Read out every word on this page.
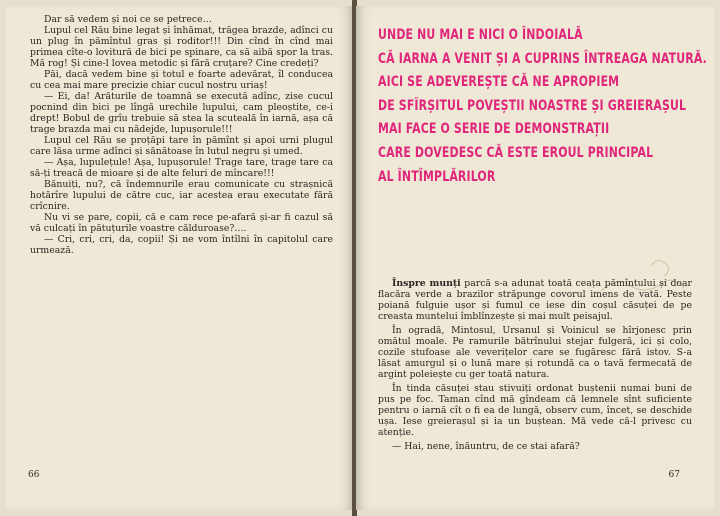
Dar să vedem și noi ce se petrece…

Lupul cel Rău bine legat și înhămat, trăgea brazde, adînci cu un plug în pămîntul gras și roditor!!! Din cînd în cînd mai primea cîte-o lovitură de bici pe spinare, ca să aibă spor la tras. Mă rog! Și cine-l lovea metodic și fără cruțare? Cine credeți?

Păi, dacă vedem bine și totul e foarte adevărat, îl conducea cu cea mai mare precizie chiar cucul nostru uriaș!

— Ei, da! Arăturile de toamnă se execută adînc, zise cucul pocnind din bici pe lîngă urechile lupului, cam pleoștite, ce-i drept! Bobul de grîu trebuie să stea la scuteală în iarnă, așa că trage brazda mai cu nădejde, lupușorule!!!

Lupul cel Rău se proțăpi tare în pămînt și apoi urni plugul care lăsa urme adînci și sănătoase în lutul negru și umed.

— Așa, lupulețule! Așa, lupușorule! Trage tare, trage tare ca să-ți treacă de mioare și de alte feluri de mîncare!!!

Bănuiți, nu?, că îndemnurile erau comunicate cu strașnică hotărîre lupului de către cuc, iar acestea erau executate fără crîcnire.

Nu vi se pare, copii, că e cam rece pe-afară și-ar fi cazul să vă culcați în pătuțurile voastre călduroase?….

— Cri, cri, cri, da, copii! Și ne vom întîlni în capitolul care urmează.

66
UNDE NU MAI E NICI O ÎNDOIALĂ
CĂ IARNA A VENIT ȘI A CUPRINS ÎNTREAGA NATURĂ.
AICI SE ADEVEREȘTE CĂ NE APROPIEM
DE SFÎRȘITUL POVEȘTII NOASTRE ȘI GREIERAȘUL
MAI FACE O SERIE DE DEMONSTRAȚII
CARE DOVEDESC CĂ ESTE EROUL PRINCIPAL
AL ÎNTÎMPLĂRILOR

Înspre munți parcă s-a adunat toată ceața pămîntului și doar flacăra verde a brazilor străpunge covorul imens de vată. Peste poiană fulguie ușor și fumul ce iese din coșul căsuței de pe creasta muntelui îmblînzește și mai mult peisajul.

În ogradă, Mintosul, Ursanul și Voinicul se hîrjonesc prin omătul moale. Pe ramurile bătrînului stejar fulgeră, ici și colo, cozile stufoase ale veverițelor care se fugăresc fără istov. S-a lăsat amurgul și o lună mare și rotundă ca o tavă fermecată de argint poleiește cu ger toată natura.

În tinda căsuței stau stivuiți ordonat buștenii numai buni de pus pe foc. Taman cînd mă gîndeam că lemnele sînt suficiente pentru o iarnă cît o fi ea de lungă, observ cum, încet, se deschide ușa. Iese greierașul și ia un buștean. Mă vede că-l privesc cu atenție.

— Hai, nene, înăuntru, de ce stai afară?

67
